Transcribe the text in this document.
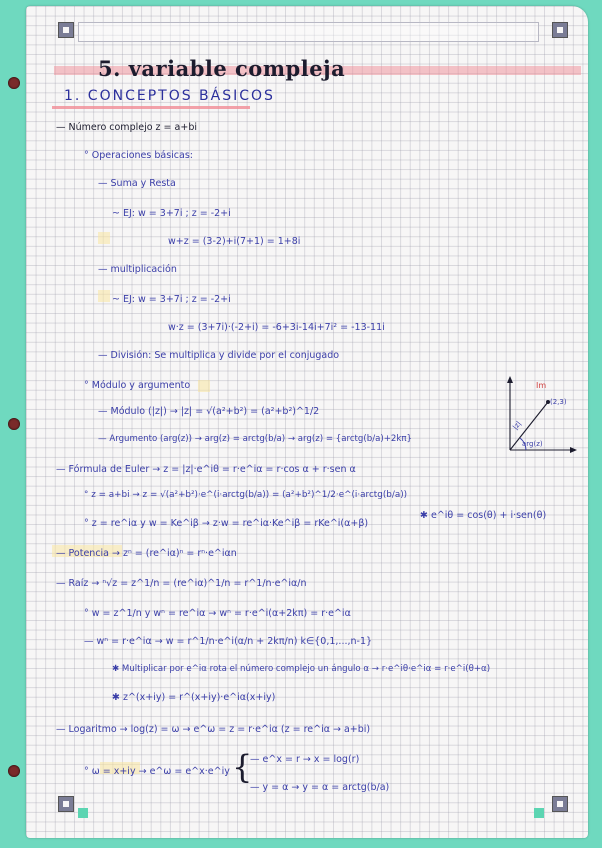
5. variable compleja
1. CONCEPTOS BÁSICOS
— Número complejo z = a+bi
° Operaciones básicas:
— Suma y Resta
~ EJ: w = 3+7i ; z = -2+i
w+z = (3-2)+i(7+1) = 1+8i
— multiplicación
~ EJ: w = 3+7i ; z = -2+i
w·z = (3+7i)·(-2+i) = -6+3i-14i+7i² = -13-11i
— División: Se multiplica y divide por el conjugado
° Módulo y argumento
— Módulo (|z|) → |z| = √(a²+b²) = (a²+b²)^1/2
— Argumento (arg(z)) → arg(z) = arctg(b/a) → arg(z) = {arctg(b/a)+2kπ}
— Fórmula de Euler → z = |z|·e^iθ = r·e^iα = r·cos α + r·sen α
° z = a+bi → z = √(a²+b²)·e^(i·arctg(b/a)) = (a²+b²)^1/2·e^(i·arctg(b/a))
° z = re^iα y w = Ke^iβ → z·w = re^iα·Ke^iβ = rKe^i(α+β)
✱ e^iθ = cos(θ) + i·sen(θ)
— Potencia → zⁿ = (re^iα)ⁿ = rⁿ·e^iαn
— Raíz → ⁿ√z = z^1/n = (re^iα)^1/n = r^1/n·e^iα/n
° w = z^1/n y wⁿ = re^iα → wⁿ = r·e^i(α+2kπ) = r·e^iα
— wⁿ = r·e^iα → w = r^1/n·e^i(α/n + 2kπ/n) k∈{0,1,...,n-1}
✱ Multiplicar por e^iα rota el número complejo un ángulo α → r·e^iθ·e^iα = r·e^i(θ+α)
✱ z^(x+iy) = r^(x+iy)·e^iα(x+iy)
— Logaritmo → log(z) = ω → e^ω = z = r·e^iα (z = re^iα → a+bi)
° ω = x+iy → e^ω = e^x·e^iy
— e^x = r → x = log(r)
— y = α → y = α = arctg(b/a)
{
Im
(2,3)
|z|
arg(z)
